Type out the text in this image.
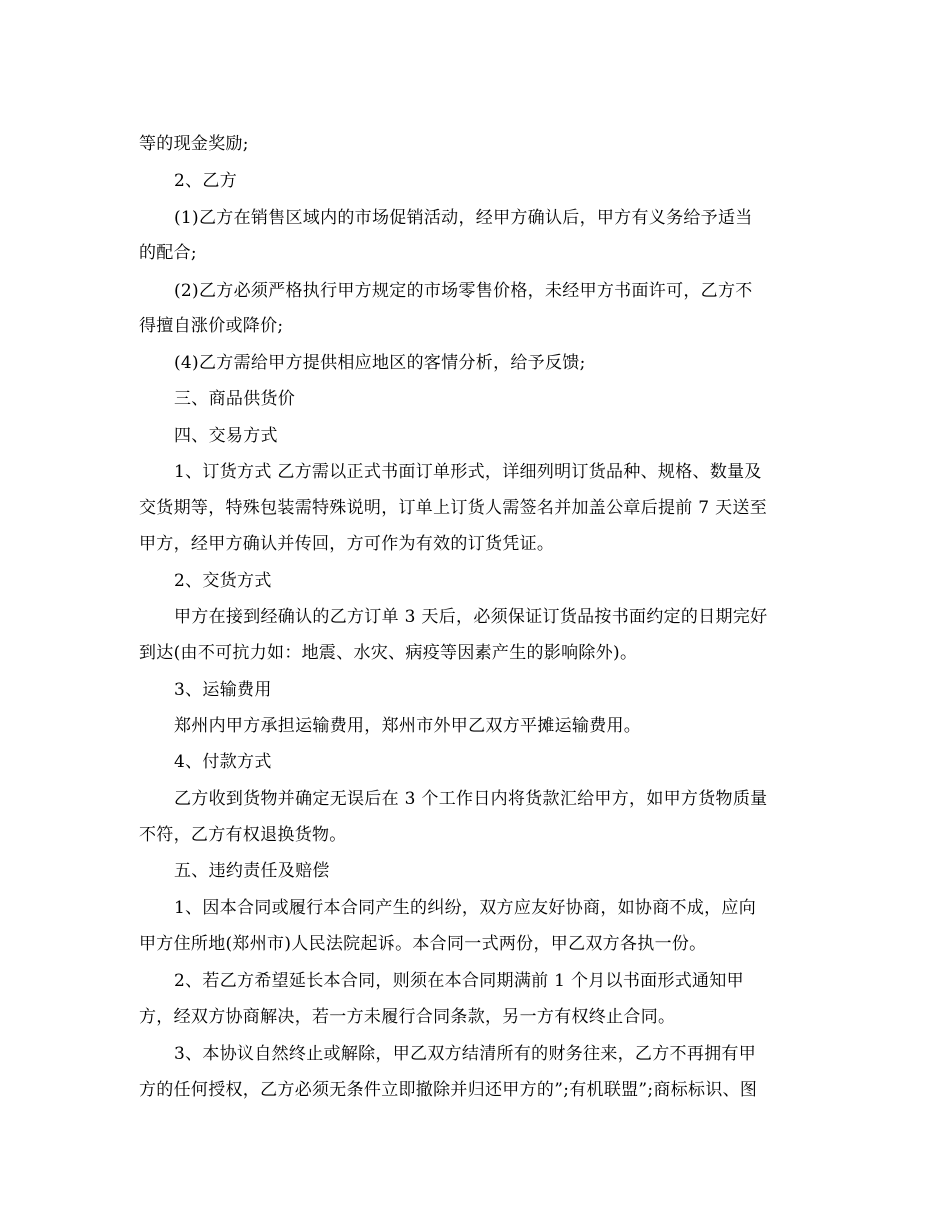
等的现金奖励;
2、乙方
(1)乙方在销售区域内的市场促销活动，经甲方确认后，甲方有义务给予适当
的配合;
(2)乙方必须严格执行甲方规定的市场零售价格，未经甲方书面许可，乙方不
得擅自涨价或降价;
(4)乙方需给甲方提供相应地区的客情分析，给予反馈;
三、商品供货价
四、交易方式
1、订货方式 乙方需以正式书面订单形式，详细列明订货品种、规格、数量及
交货期等，特殊包装需特殊说明，订单上订货人需签名并加盖公章后提前 7 天送至
甲方，经甲方确认并传回，方可作为有效的订货凭证。
2、交货方式
甲方在接到经确认的乙方订单 3 天后，必须保证订货品按书面约定的日期完好
到达(由不可抗力如：地震、水灾、病疫等因素产生的影响除外)。
3、运输费用
郑州内甲方承担运输费用，郑州市外甲乙双方平摊运输费用。
4、付款方式
乙方收到货物并确定无误后在 3 个工作日内将货款汇给甲方，如甲方货物质量
不符，乙方有权退换货物。
五、违约责任及赔偿
1、因本合同或履行本合同产生的纠纷，双方应友好协商，如协商不成，应向
甲方住所地(郑州市)人民法院起诉。本合同一式两份，甲乙双方各执一份。
2、若乙方希望延长本合同，则须在本合同期满前 1 个月以书面形式通知甲
方，经双方协商解决，若一方未履行合同条款，另一方有权终止合同。
3、本协议自然终止或解除，甲乙双方结清所有的财务往来，乙方不再拥有甲
方的任何授权，乙方必须无条件立即撤除并归还甲方的”;有机联盟”;商标标识、图
